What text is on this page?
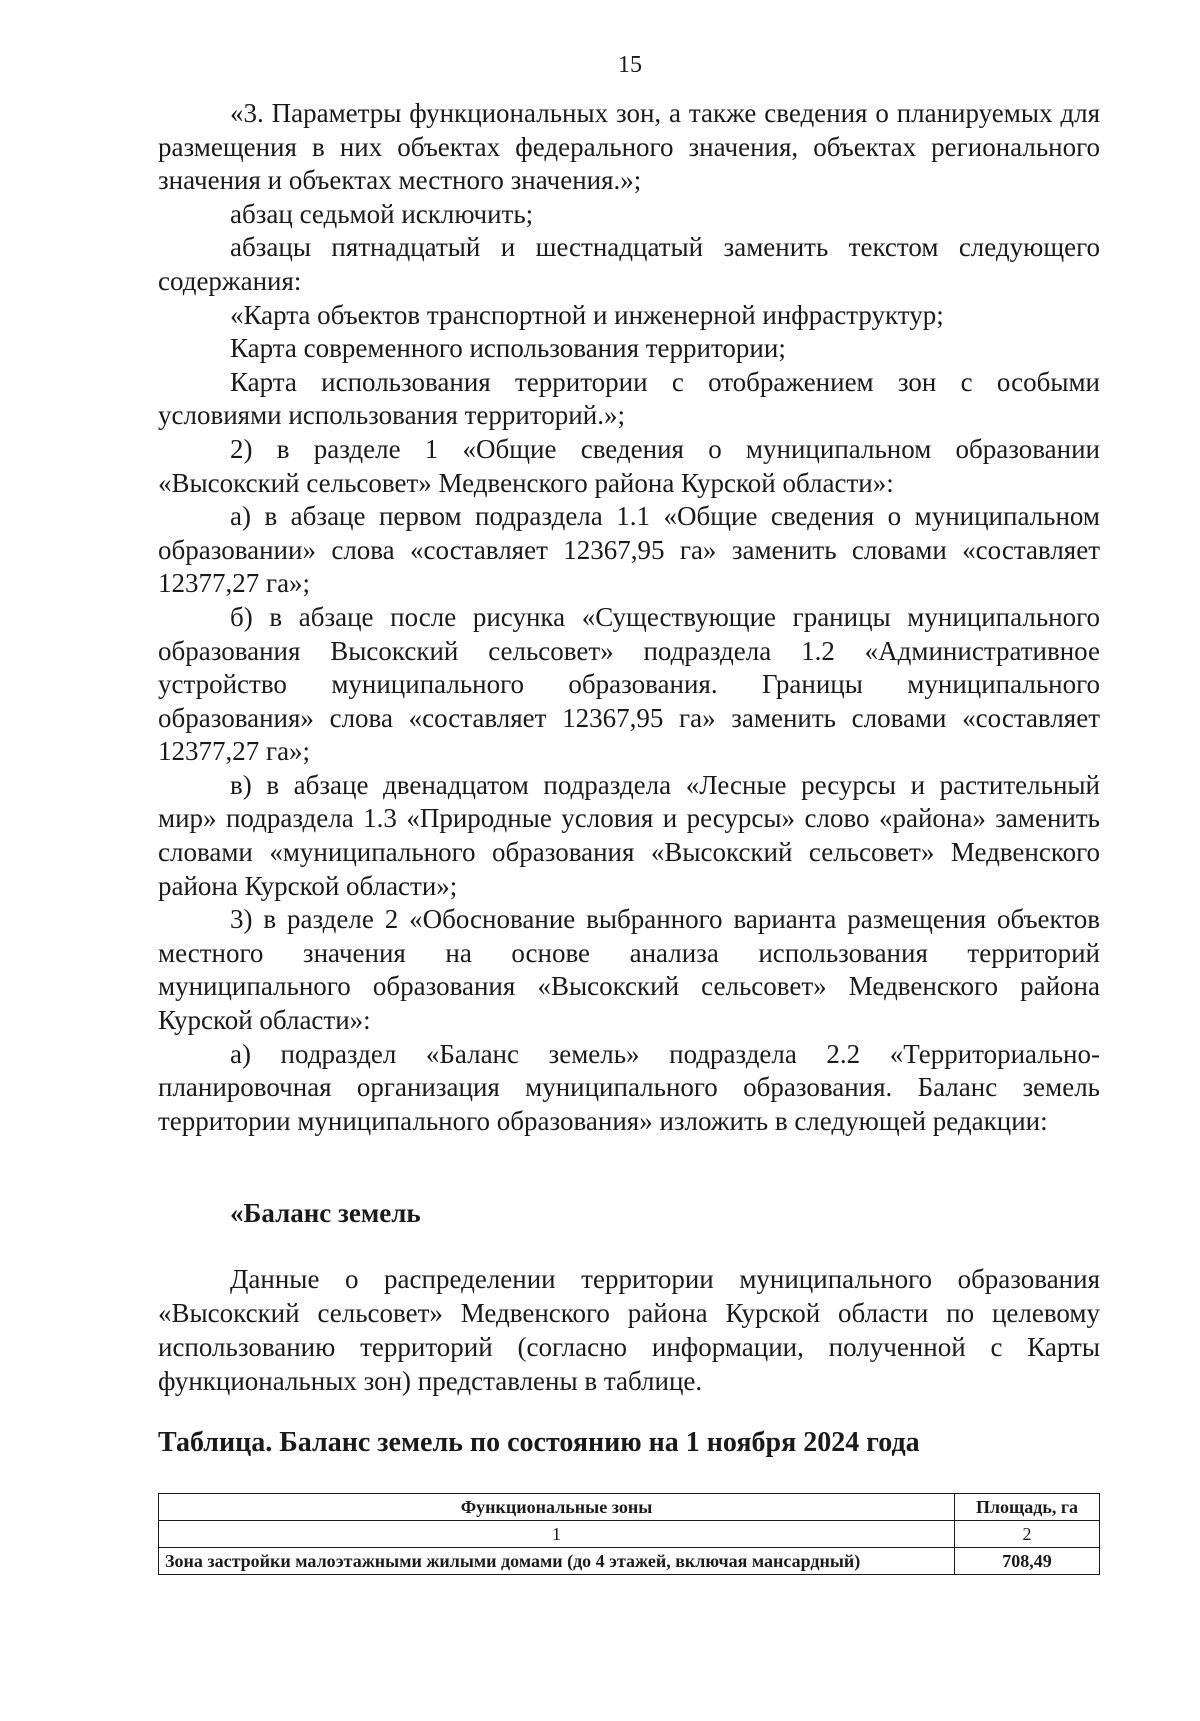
15

«3. Параметры функциональных зон, а также сведения о планируемых для размещения в них объектах федерального значения, объектах регионального значения и объектах местного значения.»;

абзац седьмой исключить;

абзацы пятнадцатый и шестнадцатый заменить текстом следующего содержания:

«Карта объектов транспортной и инженерной инфраструктур;

Карта современного использования территории;

Карта использования территории с отображением зон с особыми условиями использования территорий.»;

2) в разделе 1 «Общие сведения о муниципальном образовании «Высокский сельсовет» Медвенского района Курской области»:

а) в абзаце первом подраздела 1.1 «Общие сведения о муниципальном образовании» слова «составляет 12367,95 га» заменить словами «составляет 12377,27 га»;

б) в абзаце после рисунка «Существующие границы муниципального образования Высокский сельсовет» подраздела 1.2 «Административное устройство муниципального образования. Границы муниципального образования» слова «составляет 12367,95 га» заменить словами «составляет 12377,27 га»;

в) в абзаце двенадцатом подраздела «Лесные ресурсы и растительный мир» подраздела 1.3 «Природные условия и ресурсы» слово «района» заменить словами «муниципального образования «Высокский сельсовет» Медвенского района Курской области»;

3) в разделе 2 «Обоснование выбранного варианта размещения объектов местного значения на основе анализа использования территорий муниципального образования «Высокский сельсовет» Медвенского района Курской области»:

а) подраздел «Баланс земель» подраздела 2.2 «Территориально-планировочная организация муниципального образования. Баланс земель территории муниципального образования» изложить в следующей редакции:

«Баланс земель

Данные о распределении территории муниципального образования «Высокский сельсовет» Медвенского района Курской области по целевому использованию территорий (согласно информации, полученной с Карты функциональных зон) представлены в таблице.

Таблица. Баланс земель по состоянию на 1 ноября 2024 года
Функциональные зоны	Площадь, га
1	2
Зона застройки малоэтажными жилыми домами (до 4 этажей, включая мансардный)	708,49
